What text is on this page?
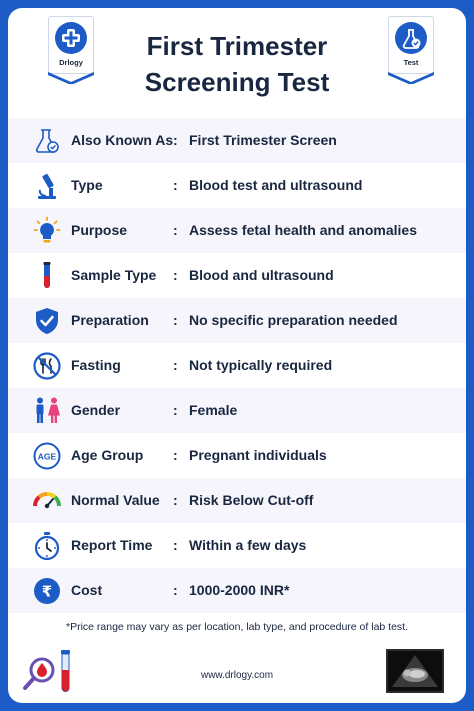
Drlogy
First Trimester
Screening Test
Test
Also Known As : First Trimester Screen
Type	: Blood test and ultrasound
Purpose	: Assess fetal health and anomalies
Sample Type : Blood and ultrasound
Preparation : No specific preparation needed
Fasting	: Not typically required
Gender	: Female
AGE Age Group : Pregnant individuals
Normal Value : Risk Below Cut-off
Report Time : Within a few days
₹ Cost	: 1000-2000 INR*
*Price range may vary as per location, lab type, and procedure of lab test.
www.drlogy.com
